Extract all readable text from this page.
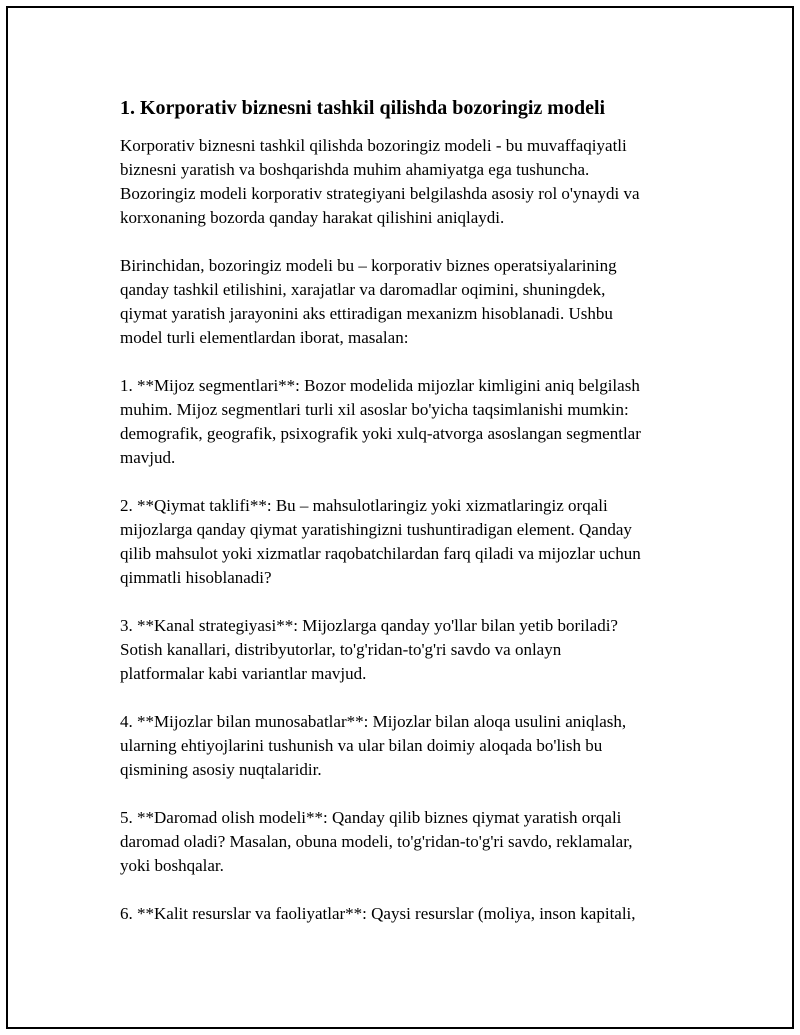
1. Korporativ biznesni tashkil qilishda bozoringiz modeli
Korporativ biznesni tashkil qilishda bozoringiz modeli - bu muvaffaqiyatli
biznesni yaratish va boshqarishda muhim ahamiyatga ega tushuncha.
Bozoringiz modeli korporativ strategiyani belgilashda asosiy rol o'ynaydi va
korxonaning bozorda qanday harakat qilishini aniqlaydi.
Birinchidan, bozoringiz modeli bu – korporativ biznes operatsiyalarining
qanday tashkil etilishini, xarajatlar va daromadlar oqimini, shuningdek,
qiymat yaratish jarayonini aks ettiradigan mexanizm hisoblanadi. Ushbu
model turli elementlardan iborat, masalan:
1. **Mijoz segmentlari**: Bozor modelida mijozlar kimligini aniq belgilash
muhim. Mijoz segmentlari turli xil asoslar bo'yicha taqsimlanishi mumkin:
demografik, geografik, psixografik yoki xulq-atvorga asoslangan segmentlar
mavjud.
2. **Qiymat taklifi**: Bu – mahsulotlaringiz yoki xizmatlaringiz orqali
mijozlarga qanday qiymat yaratishingizni tushuntiradigan element. Qanday
qilib mahsulot yoki xizmatlar raqobatchilardan farq qiladi va mijozlar uchun
qimmatli hisoblanadi?
3. **Kanal strategiyasi**: Mijozlarga qanday yo'llar bilan yetib boriladi?
Sotish kanallari, distribyutorlar, to'g'ridan-to'g'ri savdo va onlayn
platformalar kabi variantlar mavjud.
4. **Mijozlar bilan munosabatlar**: Mijozlar bilan aloqa usulini aniqlash,
ularning ehtiyojlarini tushunish va ular bilan doimiy aloqada bo'lish bu
qismining asosiy nuqtalaridir.
5. **Daromad olish modeli**: Qanday qilib biznes qiymat yaratish orqali
daromad oladi? Masalan, obuna modeli, to'g'ridan-to'g'ri savdo, reklamalar,
yoki boshqalar.
6. **Kalit resurslar va faoliyatlar**: Qaysi resurslar (moliya, inson kapitali,
